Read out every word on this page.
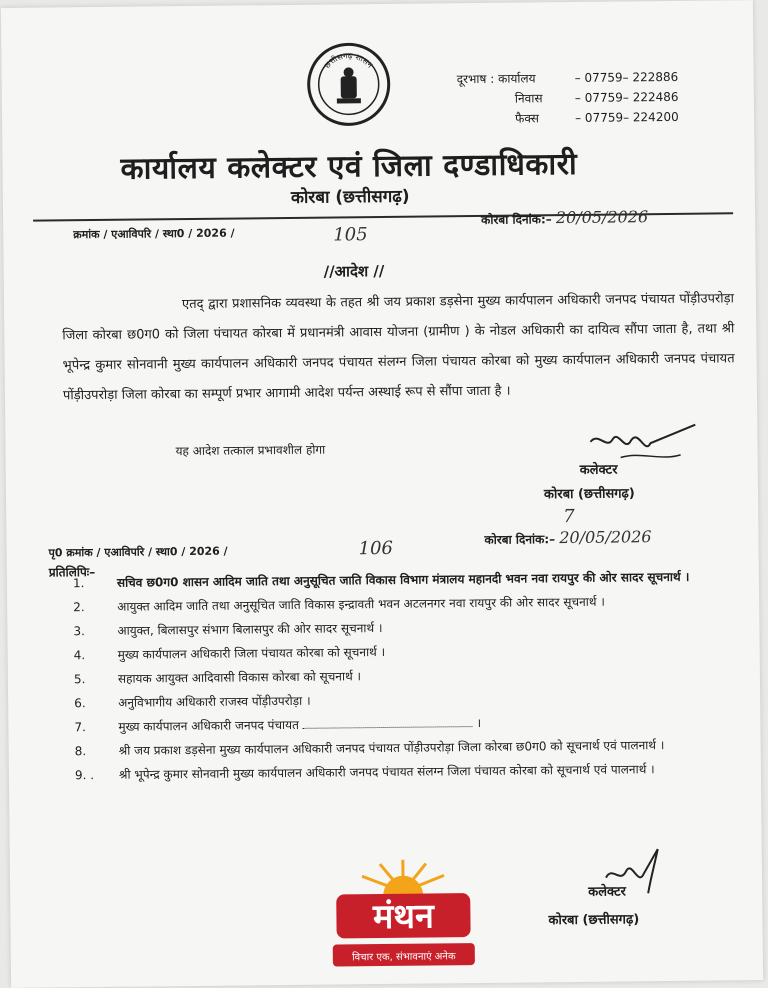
छत्तीसगढ़ शासन
दूरभाष : कार्यालय	– 07759– 222886
निवास	– 07759– 222486
फैक्स	– 07759– 224200
कार्यालय कलेक्टर एवं जिला दण्डाधिकारी
कोरबा (छत्तीसगढ़)
क्रमांक / एआविपरि / स्था0 / 2026 /	105
कोरबा दिनांक:– 20/05/2026
//आदेश //
एतद् द्वारा प्रशासनिक व्यवस्था के तहत श्री जय प्रकाश डड़सेना मुख्य कार्यपालन अधिकारी जनपद पंचायत पोंड़ीउपरोड़ा जिला कोरबा छ0ग0 को जिला पंचायत कोरबा में प्रधानमंत्री आवास योजना (ग्रामीण ) के नोडल अधिकारी का दायित्व सौंपा जाता है, तथा श्री भूपेन्द्र कुमार सोनवानी मुख्य कार्यपालन अधिकारी जनपद पंचायत संलग्न जिला पंचायत कोरबा को मुख्य कार्यपालन अधिकारी जनपद पंचायत पोंड़ीउपरोड़ा जिला कोरबा का सम्पूर्ण प्रभार आगामी आदेश पर्यन्त अस्थाई रूप से सौंपा जाता है ।
यह आदेश तत्काल प्रभावशील होगा
कलेक्टर
कोरबा (छत्तीसगढ़)
पृ0 क्रमांक / एआविपरि / स्था0 / 2026 /	106
7
कोरबा दिनांक:– 20/05/2026
प्रतिलिपिः–
1.	सचिव छ0ग0 शासन आदिम जाति तथा अनुसूचित जाति विकास विभाग मंत्रालय महानदी भवन नवा रायपुर की ओर सादर सूचनार्थ ।
2.	आयुक्त आदिम जाति तथा अनुसूचित जाति विकास इन्द्रावती भवन अटलनगर नवा रायपुर की ओर सादर सूचनार्थ ।
3.	आयुक्त, बिलासपुर संभाग बिलासपुर की ओर सादर सूचनार्थ ।
4.	मुख्य कार्यपालन अधिकारी जिला पंचायत कोरबा को सूचनार्थ ।
5.	सहायक आयुक्त आदिवासी विकास कोरबा को सूचनार्थ ।
6.	अनुविभागीय अधिकारी राजस्व पोंड़ीउपरोड़ा ।
7.	मुख्य कार्यपालन अधिकारी जनपद पंचायत	।
8.	श्री जय प्रकाश डड़सेना मुख्य कार्यपालन अधिकारी जनपद पंचायत पोंड़ीउपरोड़ा जिला कोरबा छ0ग0 को सूचनार्थ एवं पालनार्थ ।
9. .	श्री भूपेन्द्र कुमार सोनवानी मुख्य कार्यपालन अधिकारी जनपद पंचायत संलग्न जिला पंचायत कोरबा को सूचनार्थ एवं पालनार्थ ।
कलेक्टर
कोरबा (छत्तीसगढ़)
मंथन
विचार एक, संभावनाएं अनेक
